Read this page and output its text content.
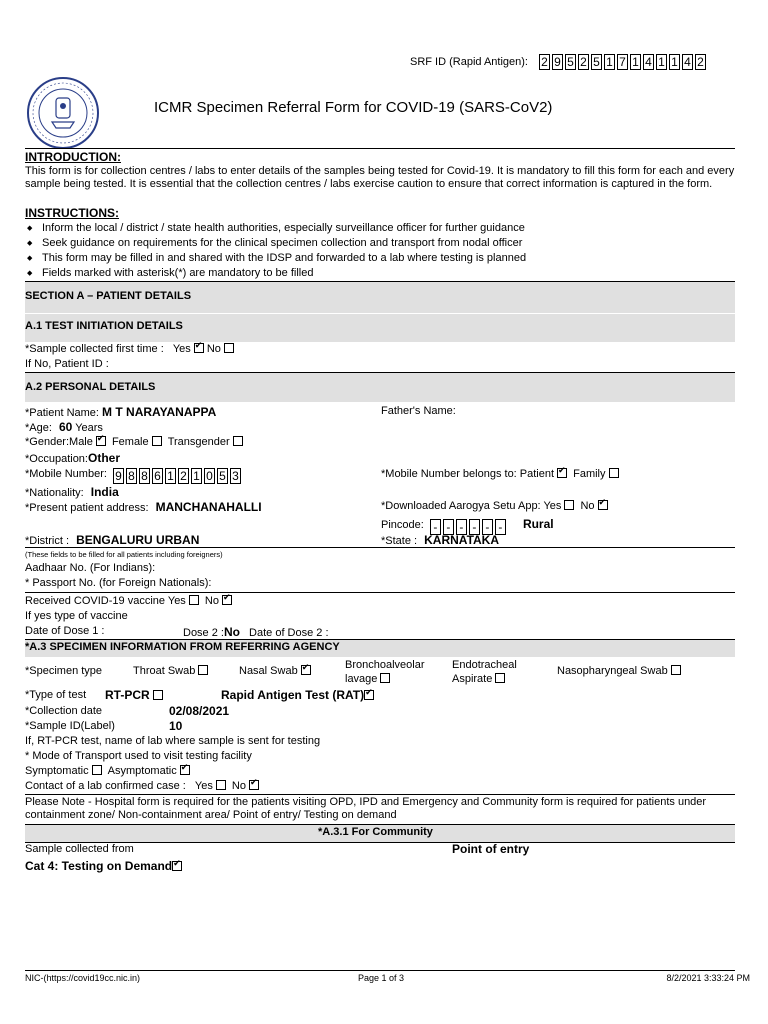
SRF ID (Rapid Antigen): 2 9 5 2 5 1 7 1 4 1 1 4 2
ICMR Specimen Referral Form for COVID-19 (SARS-CoV2)
INTRODUCTION:
This form is for collection centres / labs to enter details of the samples being tested for Covid-19. It is mandatory to fill this form for each and every sample being tested. It is essential that the collection centres / labs exercise caution to ensure that correct information is captured in the form.
INSTRUCTIONS:
◆ Inform the local / district / state health authorities, especially surveillance officer for further guidance
◆ Seek guidance on requirements for the clinical specimen collection and transport from nodal officer
◆ This form may be filled in and shared with the IDSP and forwarded to a lab where testing is planned
◆ Fields marked with asterisk(*) are mandatory to be filled
SECTION A – PATIENT DETAILS
A.1 TEST INITIATION DETAILS
*Sample collected first time : Yes ✔ No
If No, Patient ID :
A.2 PERSONAL DETAILS
*Patient Name: M T NARAYANAPPA	Father's Name:
*Age: 60 Years
*Gender:Male ✔ Female Transgender
*Occupation:Other
*Mobile Number: 9 8 8 6 1 2 1 0 5 3	*Mobile Number belongs to: Patient ✔ Family
*Nationality: India
*Present patient address: MANCHANAHALLI	*Downloaded Aarogya Setu App: Yes No✔
Pincode: - - - - - - Rural
*District : BENGALURU URBAN	*State : KARNATAKA
(These fields to be filled for all patients including foreigners)
Aadhaar No. (For Indians):
* Passport No. (for Foreign Nationals):
Received COVID-19 vaccine Yes No✔
If yes type of vaccine
Date of Dose 1 :	Dose 2 :No Date of Dose 2 :
*A.3 SPECIMEN INFORMATION FROM REFERRING AGENCY
*Specimen type	Throat Swab	Nasal Swab ✔	Bronchoalveolar
lavage
Endotracheal
Aspirate
Nasopharyngeal Swab
*Type of test RT-PCR	Rapid Antigen Test (RAT)✔
*Collection date	02/08/2021
*Sample ID(Label)	10
If, RT-PCR test, name of lab where sample is sent for testing
* Mode of Transport used to visit testing facility
Symptomatic Asymptomatic✔
Contact of a lab confirmed case : Yes No✔
Please Note - Hospital form is required for the patients visiting OPD, IPD and Emergency and Community form is required for patients under containment zone/ Non-containment area/ Point of entry/ Testing on demand
*A.3.1 For Community
Sample collected from	Point of entry
Cat 4: Testing on Demand✔
NIC-(https://covid19cc.nic.in)	Page 1 of 3	8/2/2021 3:33:24 PM
